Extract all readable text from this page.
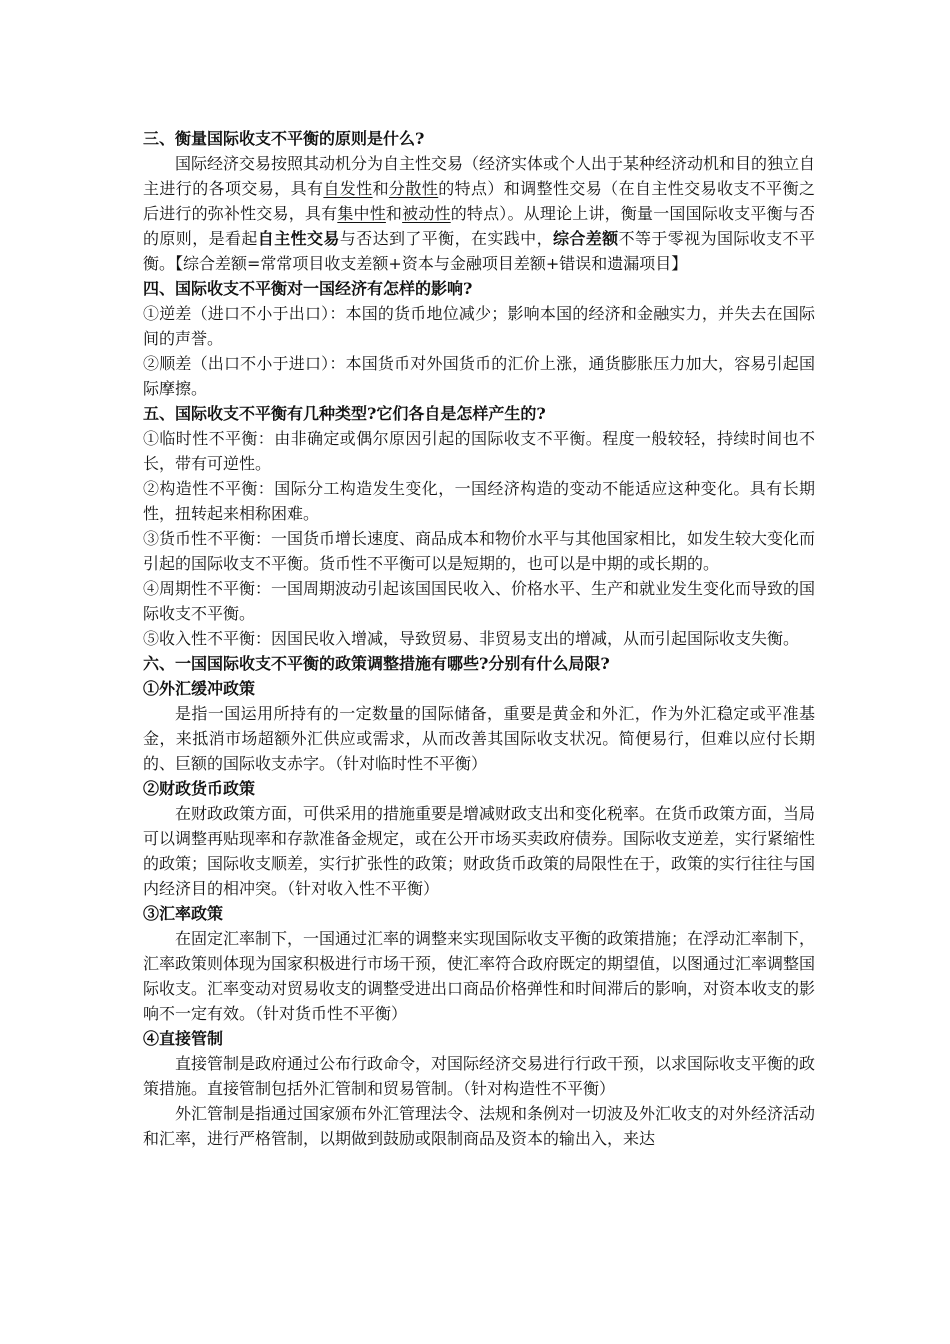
三、衡量国际收支不平衡的原则是什么?

国际经济交易按照其动机分为自主性交易（经济实体或个人出于某种经济动机和目的独立自主进行的各项交易，具有自发性和分散性的特点）和调整性交易（在自主性交易收支不平衡之后进行的弥补性交易，具有集中性和被动性的特点）。从理论上讲，衡量一国国际收支平衡与否的原则，是看起自主性交易与否达到了平衡，在实践中，综合差额不等于零视为国际收支不平衡。【综合差额=常常项目收支差额+资本与金融项目差额+错误和遗漏项目】

四、国际收支不平衡对一国经济有怎样的影响?

①逆差（进口不小于出口）：本国的货币地位减少；影响本国的经济和金融实力，并失去在国际间的声誉。

②顺差（出口不小于进口）：本国货币对外国货币的汇价上涨，通货膨胀压力加大，容易引起国际摩擦。

五、国际收支不平衡有几种类型?它们各自是怎样产生的?

①临时性不平衡：由非确定或偶尔原因引起的国际收支不平衡。程度一般较轻，持续时间也不长，带有可逆性。

②构造性不平衡：国际分工构造发生变化，一国经济构造的变动不能适应这种变化。具有长期性，扭转起来相称困难。

③货币性不平衡：一国货币增长速度、商品成本和物价水平与其他国家相比，如发生较大变化而引起的国际收支不平衡。货币性不平衡可以是短期的，也可以是中期的或长期的。

④周期性不平衡：一国周期波动引起该国国民收入、价格水平、生产和就业发生变化而导致的国际收支不平衡。

⑤收入性不平衡：因国民收入增减，导致贸易、非贸易支出的增减，从而引起国际收支失衡。

六、一国国际收支不平衡的政策调整措施有哪些?分别有什么局限?

①外汇缓冲政策

是指一国运用所持有的一定数量的国际储备，重要是黄金和外汇，作为外汇稳定或平准基金，来抵消市场超额外汇供应或需求，从而改善其国际收支状况。简便易行，但难以应付长期的、巨额的国际收支赤字。（针对临时性不平衡）

②财政货币政策

在财政政策方面，可供采用的措施重要是增减财政支出和变化税率。在货币政策方面，当局可以调整再贴现率和存款准备金规定，或在公开市场买卖政府债券。国际收支逆差，实行紧缩性的政策；国际收支顺差，实行扩张性的政策；财政货币政策的局限性在于，政策的实行往往与国内经济目的相冲突。（针对收入性不平衡）

③汇率政策

在固定汇率制下，一国通过汇率的调整来实现国际收支平衡的政策措施；在浮动汇率制下，汇率政策则体现为国家积极进行市场干预，使汇率符合政府既定的期望值，以图通过汇率调整国际收支。汇率变动对贸易收支的调整受进出口商品价格弹性和时间滞后的影响，对资本收支的影响不一定有效。（针对货币性不平衡）

④直接管制

直接管制是政府通过公布行政命令，对国际经济交易进行行政干预，以求国际收支平衡的政策措施。直接管制包括外汇管制和贸易管制。（针对构造性不平衡）

外汇管制是指通过国家颁布外汇管理法令、法规和条例对一切波及外汇收支的对外经济活动和汇率，进行严格管制，以期做到鼓励或限制商品及资本的输出入，来达
